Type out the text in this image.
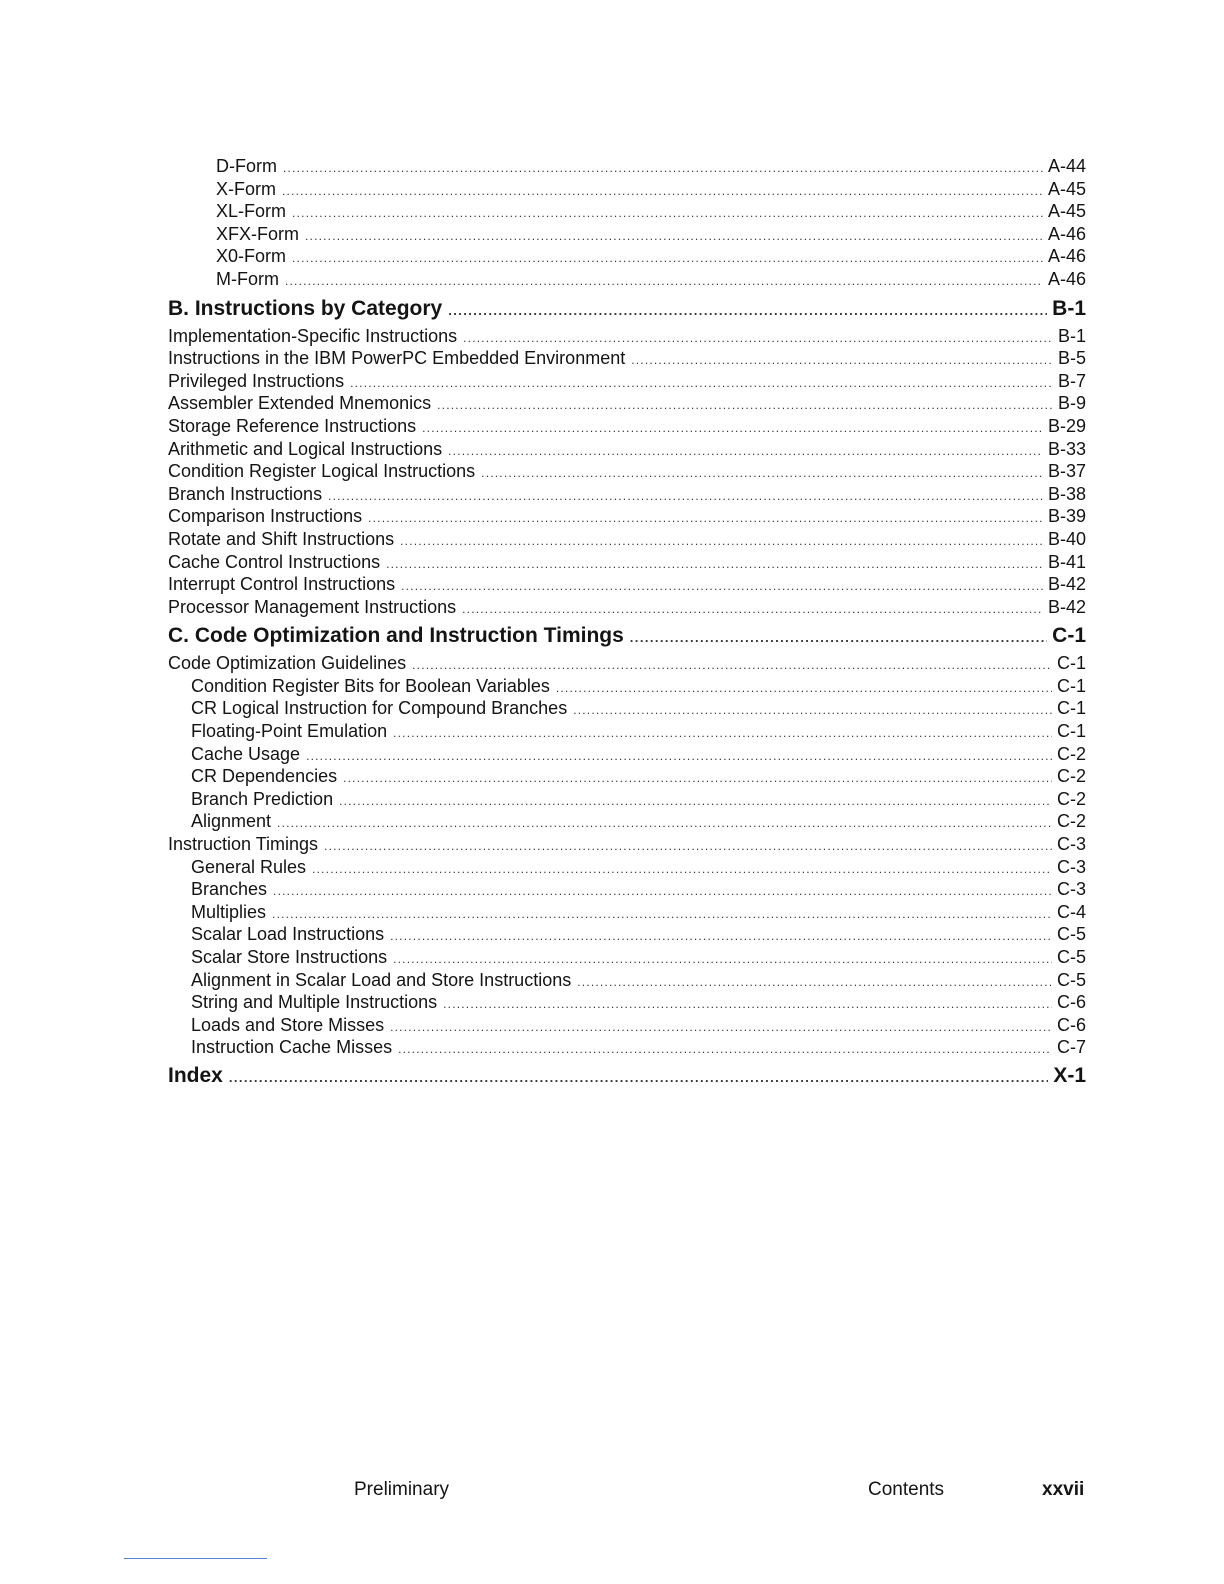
D-Form .....	A-44
X-Form .....	A-45
XL-Form .....	A-45
XFX-Form .....	A-46
X0-Form .....	A-46
M-Form .....	A-46
B. Instructions by Category .....	B-1
Implementation-Specific Instructions .....	B-1
Instructions in the IBM PowerPC Embedded Environment .....	B-5
Privileged Instructions .....	B-7
Assembler Extended Mnemonics .....	B-9
Storage Reference Instructions .....	B-29
Arithmetic and Logical Instructions .....	B-33
Condition Register Logical Instructions .....	B-37
Branch Instructions .....	B-38
Comparison Instructions .....	B-39
Rotate and Shift Instructions .....	B-40
Cache Control Instructions .....	B-41
Interrupt Control Instructions .....	B-42
Processor Management Instructions .....	B-42
C. Code Optimization and Instruction Timings .....	C-1
Code Optimization Guidelines .....	C-1
Condition Register Bits for Boolean Variables .....	C-1
CR Logical Instruction for Compound Branches .....	C-1
Floating-Point Emulation .....	C-1
Cache Usage .....	C-2
CR Dependencies .....	C-2
Branch Prediction .....	C-2
Alignment .....	C-2
Instruction Timings .....	C-3
General Rules .....	C-3
Branches .....	C-3
Multiplies .....	C-4
Scalar Load Instructions .....	C-5
Scalar Store Instructions .....	C-5
Alignment in Scalar Load and Store Instructions .....	C-5
String and Multiple Instructions .....	C-6
Loads and Store Misses .....	C-6
Instruction Cache Misses .....	C-7
Index .....	X-1
Preliminary	Contents	xxvii
